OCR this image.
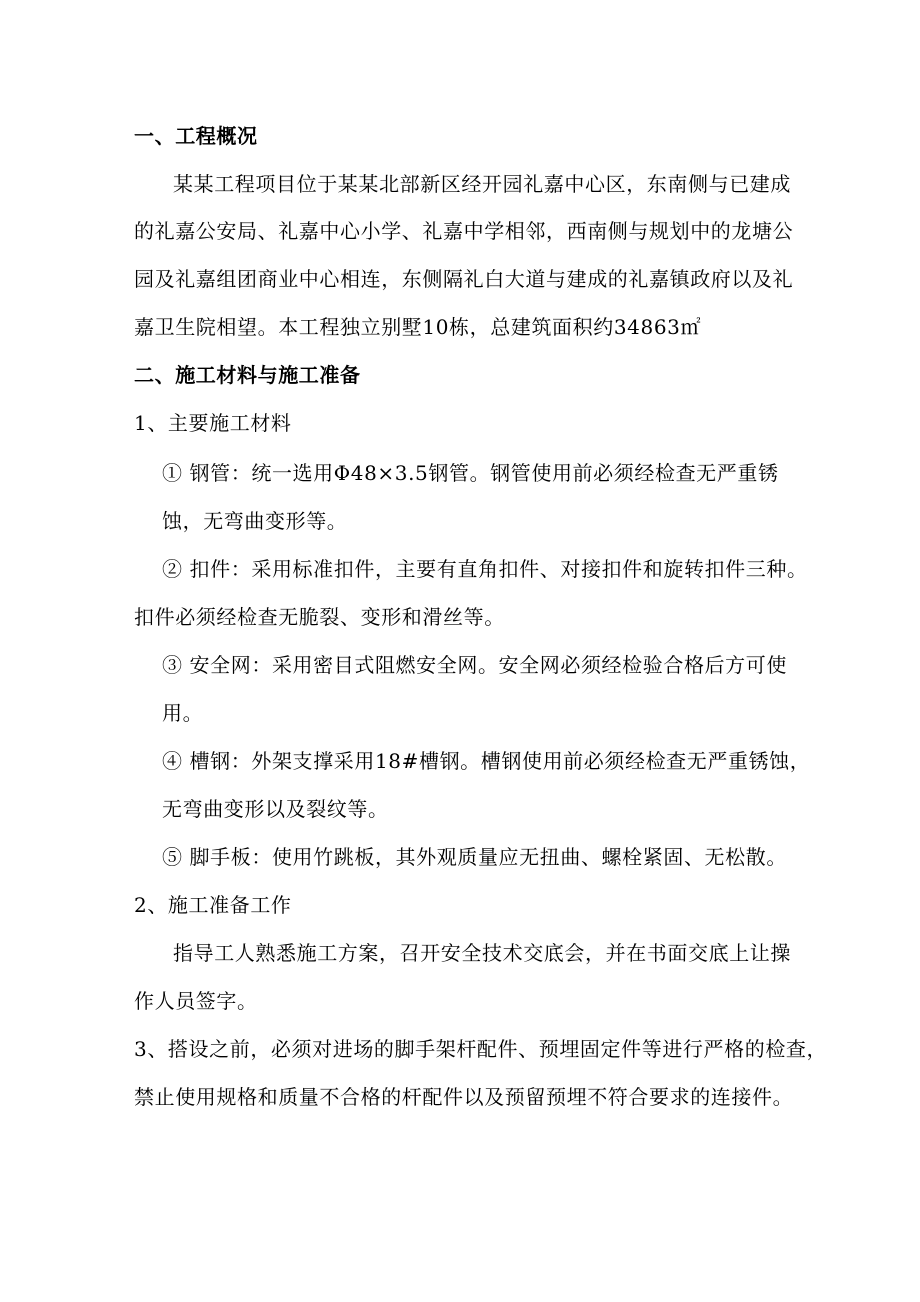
一、工程概况
某某工程项目位于某某北部新区经开园礼嘉中心区，东南侧与已建成
的礼嘉公安局、礼嘉中心小学、礼嘉中学相邻，西南侧与规划中的龙塘公
园及礼嘉组团商业中心相连，东侧隔礼白大道与建成的礼嘉镇政府以及礼
嘉卫生院相望。本工程独立别墅10栋，总建筑面积约34863㎡
二、施工材料与施工准备
1、主要施工材料
① 钢管：统一选用Φ48×3.5钢管。钢管使用前必须经检查无严重锈
蚀，无弯曲变形等。
② 扣件：采用标准扣件，主要有直角扣件、对接扣件和旋转扣件三种。
扣件必须经检查无脆裂、变形和滑丝等。
③ 安全网：采用密目式阻燃安全网。安全网必须经检验合格后方可使
用。
④ 槽钢：外架支撑采用18#槽钢。槽钢使用前必须经检查无严重锈蚀，
无弯曲变形以及裂纹等。
⑤ 脚手板：使用竹跳板，其外观质量应无扭曲、螺栓紧固、无松散。
2、施工准备工作
指导工人熟悉施工方案，召开安全技术交底会，并在书面交底上让操
作人员签字。
3、搭设之前，必须对进场的脚手架杆配件、预埋固定件等进行严格的检查，
禁止使用规格和质量不合格的杆配件以及预留预埋不符合要求的连接件。
